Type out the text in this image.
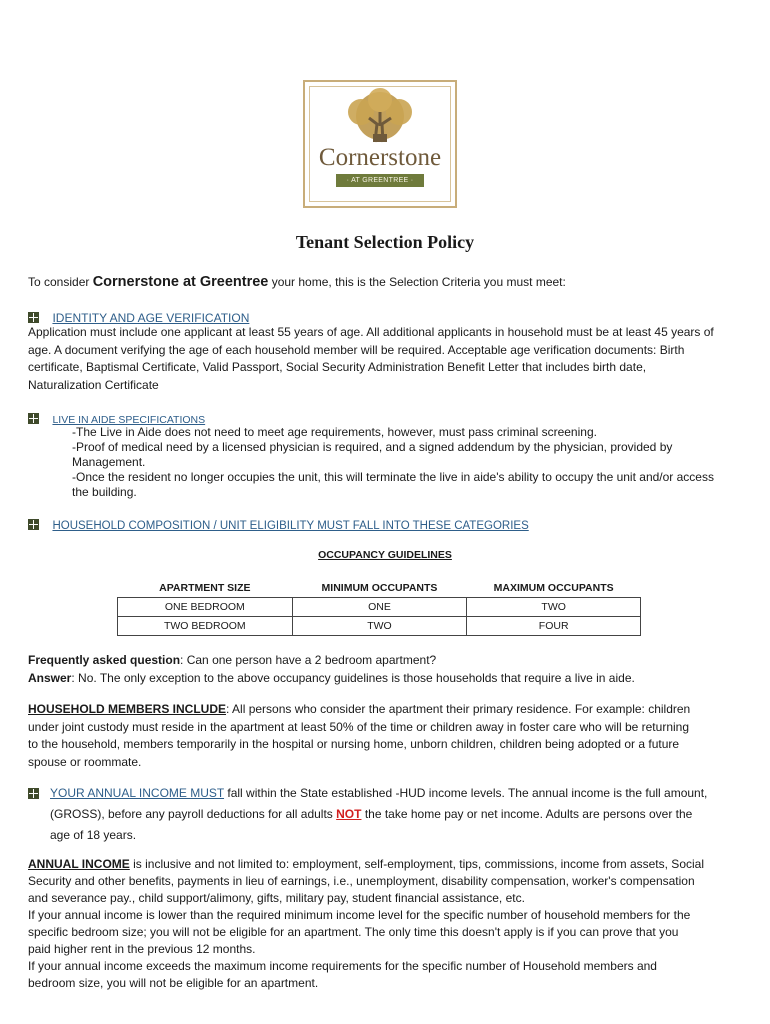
Cornerstone
· AT GREENTREE ·
Tenant Selection Policy
To consider Cornerstone at Greentree your home, this is the Selection Criteria you must meet:
IDENTITY AND AGE VERIFICATION
Application must include one applicant at least 55 years of age. All additional applicants in household must be at least 45 years of
age. A document verifying the age of each household member will be required. Acceptable age verification documents: Birth
certificate, Baptismal Certificate, Valid Passport, Social Security Administration Benefit Letter that includes birth date,
Naturalization Certificate
LIVE IN AIDE SPECIFICATIONS
-The Live in Aide does not need to meet age requirements, however, must pass criminal screening.
-Proof of medical need by a licensed physician is required, and a signed addendum by the physician, provided by
Management.
-Once the resident no longer occupies the unit, this will terminate the live in aide's ability to occupy the unit and/or access
the building.
HOUSEHOLD COMPOSITION / UNIT ELIGIBILITY MUST FALL INTO THESE CATEGORIES
OCCUPANCY GUIDELINES
APARTMENT SIZE	MINIMUM OCCUPANTS	MAXIMUM OCCUPANTS
ONE BEDROOM	ONE	TWO
TWO BEDROOM	TWO	FOUR
Frequently asked question: Can one person have a 2 bedroom apartment?
Answer: No. The only exception to the above occupancy guidelines is those households that require a live in aide.
HOUSEHOLD MEMBERS INCLUDE: All persons who consider the apartment their primary residence. For example: children
under joint custody must reside in the apartment at least 50% of the time or children away in foster care who will be returning
to the household, members temporarily in the hospital or nursing home, unborn children, children being adopted or a future
spouse or roommate.
YOUR ANNUAL INCOME MUST fall within the State established -HUD income levels. The annual income is the full amount,
(GROSS), before any payroll deductions for all adults NOT the take home pay or net income. Adults are persons over the
age of 18 years.
ANNUAL INCOME is inclusive and not limited to: employment, self-employment, tips, commissions, income from assets, Social
Security and other benefits, payments in lieu of earnings, i.e., unemployment, disability compensation, worker's compensation
and severance pay., child support/alimony, gifts, military pay, student financial assistance, etc.
If your annual income is lower than the required minimum income level for the specific number of household members for the
specific bedroom size; you will not be eligible for an apartment. The only time this doesn't apply is if you can prove that you
paid higher rent in the previous 12 months.
If your annual income exceeds the maximum income requirements for the specific number of Household members and
bedroom size, you will not be eligible for an apartment.
